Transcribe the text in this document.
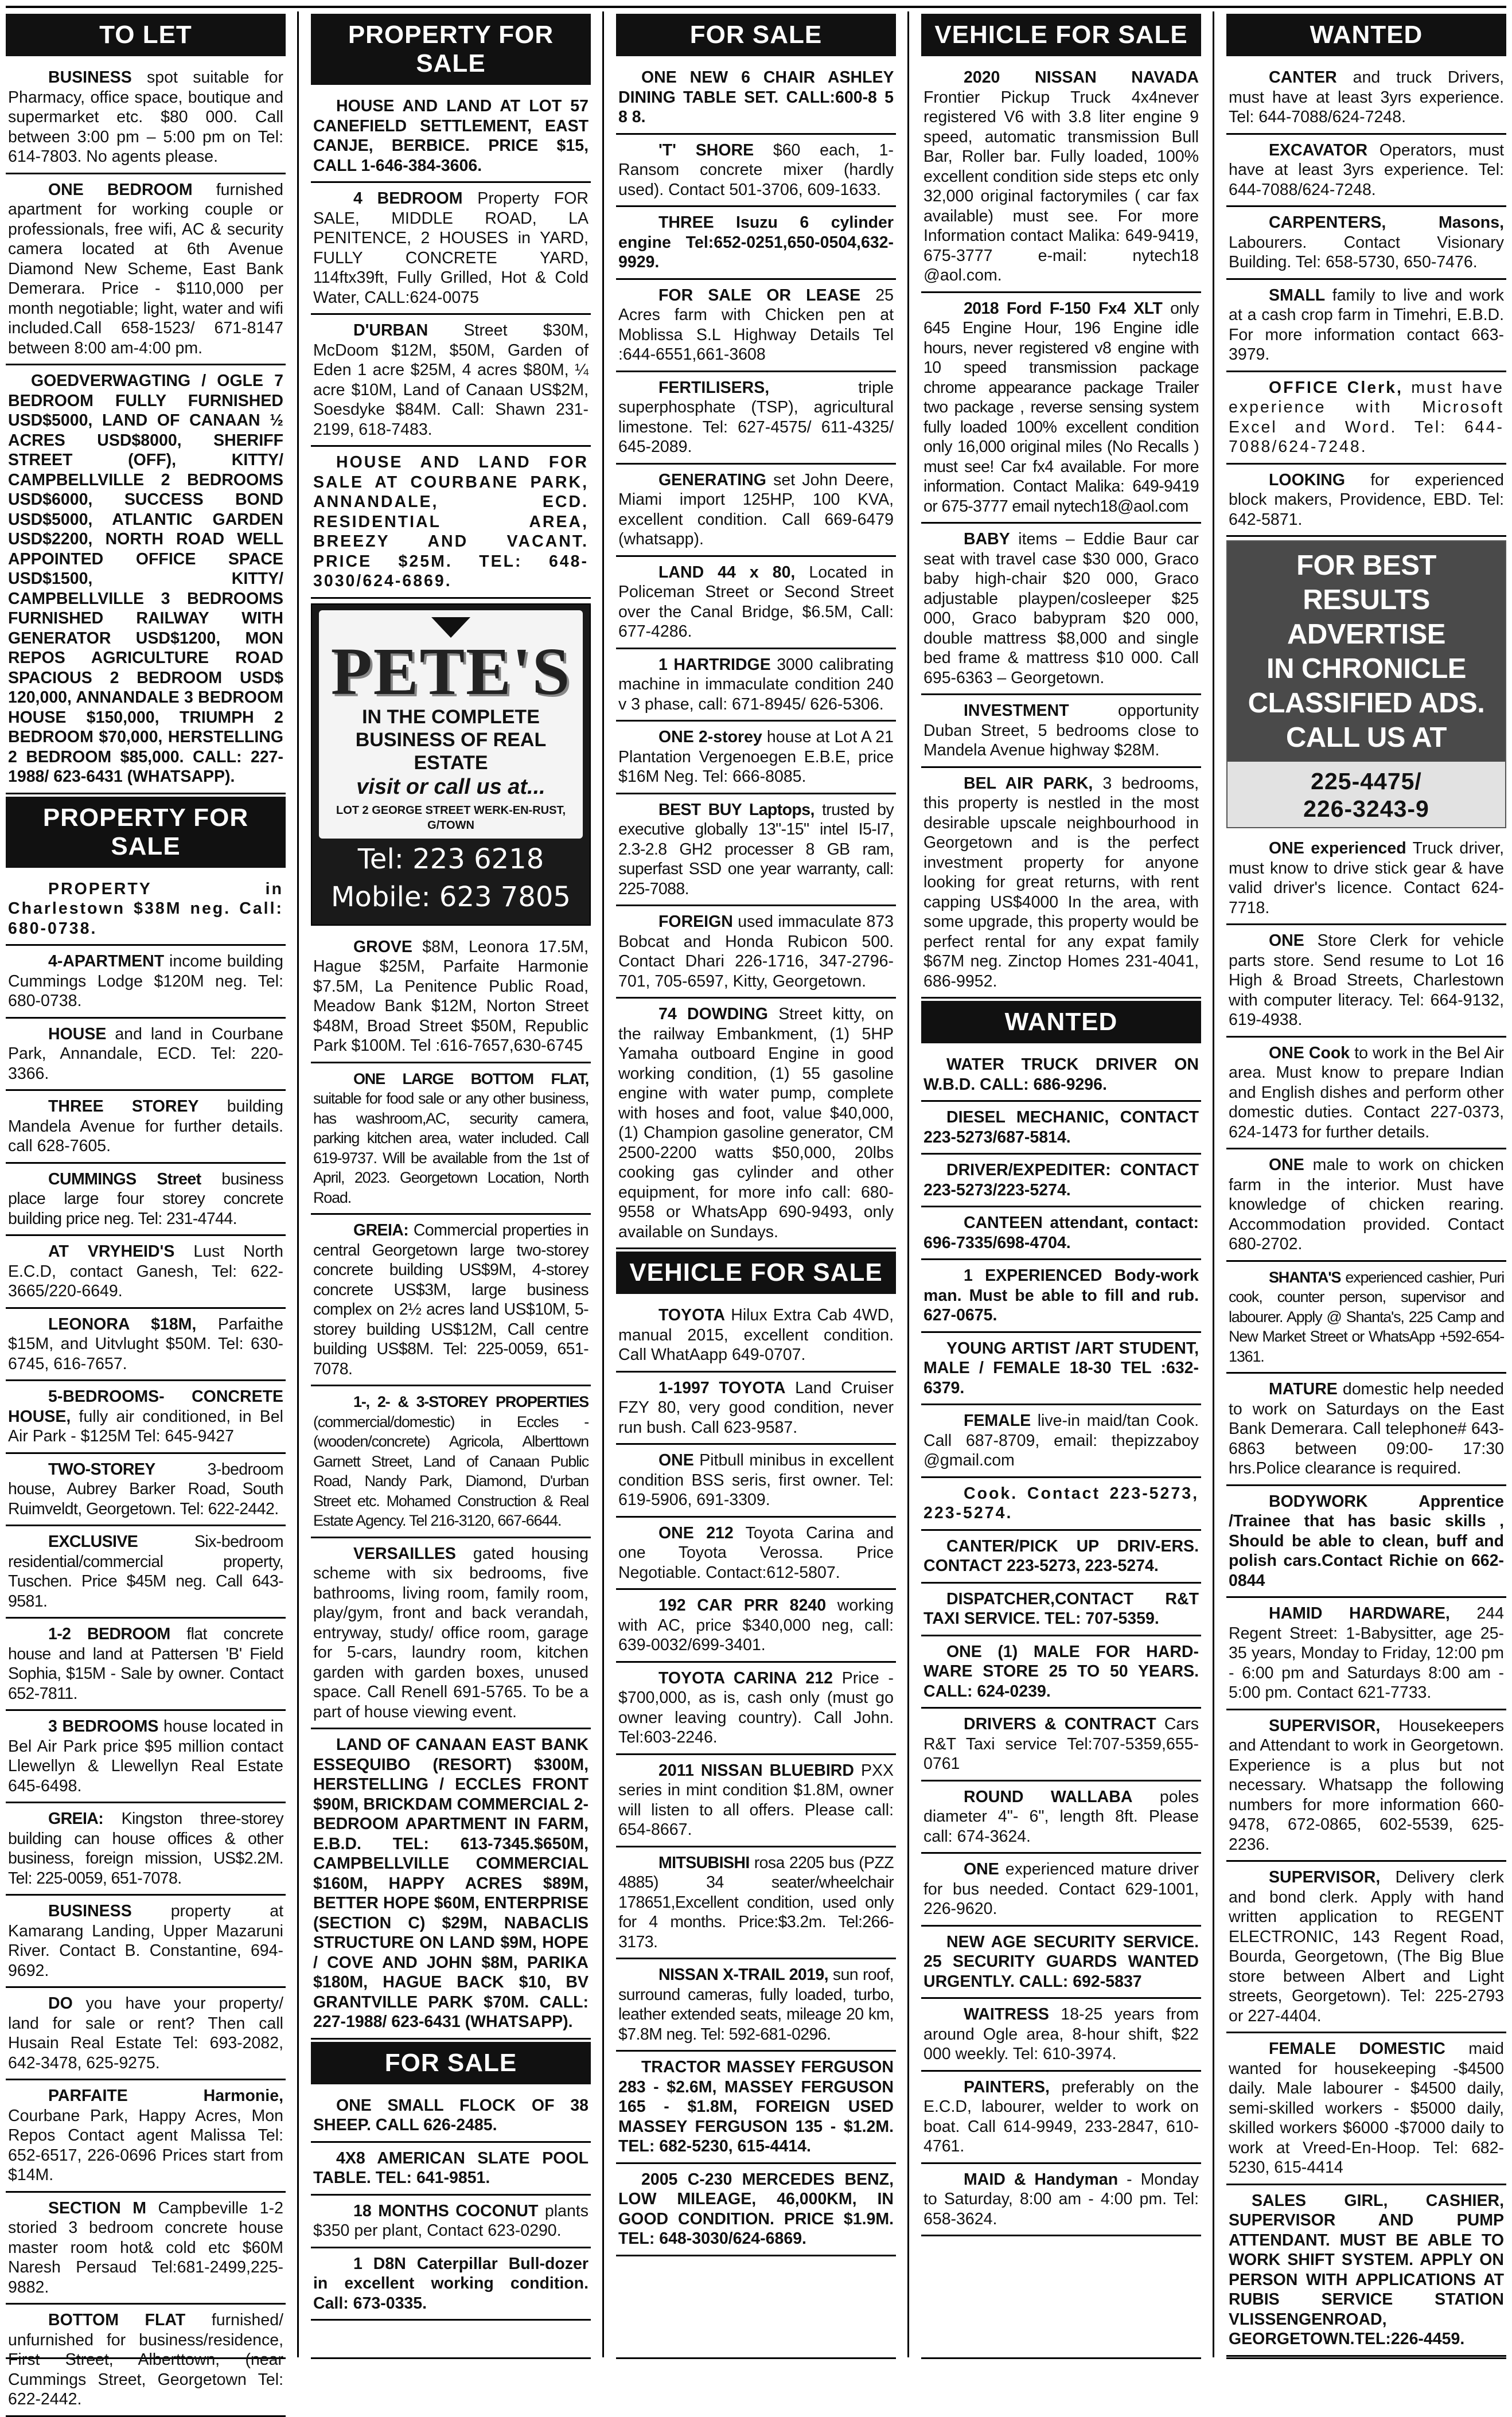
TO LET
BUSINESS spot suitable for Pharmacy, office space, boutique and supermarket etc. $80 000. Call between 3:00 pm – 5:00 pm on Tel: 614-7803. No agents please.
ONE BEDROOM furnished apartment for working couple or professionals, free wifi, AC & security camera located at 6th Avenue Diamond New Scheme, East Bank Demerara. Price - $110,000 per month negotiable; light, water and wifi included.Call 658-1523/ 671-8147 between 8:00 am-4:00 pm.
GOEDVERWAGTING / OGLE 7 BEDROOM FULLY FURNISHED USD$5000, LAND OF CANAAN ½ ACRES USD$8000, SHERIFF STREET (OFF), KITTY/ CAMPBELLVILLE 2 BEDROOMS USD$6000, SUCCESS BOND USD$5000, ATLANTIC GARDEN USD$2200, NORTH ROAD WELL APPOINTED OFFICE SPACE USD$1500, KITTY/ CAMPBELLVILLE 3 BEDROOMS FURNISHED RAILWAY WITH GENERATOR USD$1200, MON REPOS AGRICULTURE ROAD SPACIOUS 2 BEDROOM USD$ 120,000, ANNANDALE 3 BEDROOM HOUSE $150,000, TRIUMPH 2 BEDROOM $70,000, HERSTELLING 2 BEDROOM $85,000. CALL: 227-1988/ 623-6431 (WHATSAPP).
PROPERTY FOR SALE
PROPERTY in Charlestown $38M neg. Call: 680-0738.
4-APARTMENT income building Cummings Lodge $120M neg. Tel: 680-0738.
HOUSE and land in Courbane Park, Annandale, ECD. Tel: 220-3366.
THREE STOREY building Mandela Avenue for further details. call 628-7605.
CUMMINGS Street business place large four storey concrete building price neg. Tel: 231-4744.
AT VRYHEID'S Lust North E.C.D, contact Ganesh, Tel: 622-3665/220-6649.
LEONORA $18M, Parfaithe $15M, and Uitvlught $50M. Tel: 630-6745, 616-7657.
5-BEDROOMS- CONCRETE HOUSE, fully air conditioned, in Bel Air Park - $125M Tel: 645-9427
TWO-STOREY 3-bedroom house, Aubrey Barker Road, South Ruimveldt, Georgetown. Tel: 622-2442.
EXCLUSIVE Six-bedroom residential/commercial property, Tuschen. Price $45M neg. Call 643-9581.
1-2 BEDROOM flat concrete house and land at Pattersen 'B' Field Sophia, $15M - Sale by owner. Contact 652-7811.
3 BEDROOMS house located in Bel Air Park price $95 million contact Llewellyn & Llewellyn Real Estate 645-6498.
GREIA: Kingston three-storey building can house offices & other business, foreign mission, US$2.2M. Tel: 225-0059, 651-7078.
BUSINESS property at Kamarang Landing, Upper Mazaruni River. Contact B. Constantine, 694-9692.
DO you have your property/ land for sale or rent? Then call Husain Real Estate Tel: 693-2082, 642-3478, 625-9275.
PARFAITE Harmonie, Courbane Park, Happy Acres, Mon Repos Contact agent Malissa Tel: 652-6517, 226-0696 Prices start from $14M.
SECTION M Campbeville 1-2 storied 3 bedroom concrete house master room hot& cold etc $60M Naresh Persaud Tel:681-2499,225-9882.
BOTTOM FLAT furnished/ unfurnished for business/residence, First Street, Alberttown, (near Cummings Street, Georgetown Tel: 622-2442.
PROPERTY FOR SALE
HOUSE AND LAND AT LOT 57 CANEFIELD SETTLEMENT, EAST CANJE, BERBICE. PRICE $15, CALL 1-646-384-3606.
4 BEDROOM Property FOR SALE, MIDDLE ROAD, LA PENITENCE, 2 HOUSES in YARD, FULLY CONCRETE YARD, 114ftx39ft, Fully Grilled, Hot & Cold Water, CALL:624-0075
D'URBAN Street $30M, McDoom $12M, $50M, Garden of Eden 1 acre $25M, 4 acres $80M, ¼ acre $10M, Land of Canaan US$2M, Soesdyke $84M. Call: Shawn 231-2199, 618-7483.
HOUSE AND LAND FOR SALE AT COURBANE PARK, ANNANDALE, ECD. RESIDENTIAL AREA, BREEZY AND VACANT. PRICE $25M. TEL: 648-3030/624-6869.
PETE'S
IN THE COMPLETE
BUSINESS OF REAL ESTATE
visit or call us at...
LOT 2 GEORGE STREET WERK-EN-RUST, G/TOWN
Tel: 223 6218
Mobile: 623 7805
GROVE $8M, Leonora 17.5M, Hague $25M, Parfaite Harmonie $7.5M, La Penitence Public Road, Meadow Bank $12M, Norton Street $48M, Broad Street $50M, Republic Park $100M. Tel :616-7657,630-6745
ONE LARGE BOTTOM FLAT, suitable for food sale or any other business, has washroom,AC, security camera, parking kitchen area, water included. Call 619-9737. Will be available from the 1st of April, 2023. Georgetown Location, North Road.
GREIA: Commercial properties in central Georgetown large two-storey concrete building US$9M, 4-storey concrete US$3M, large business complex on 2½ acres land US$10M, 5-storey building US$12M, Call centre building US$8M. Tel: 225-0059, 651-7078.
1-, 2- & 3-STOREY PROPERTIES (commercial/domestic) in Eccles - (wooden/concrete) Agricola, Alberttown Garnett Street, Land of Canaan Public Road, Nandy Park, Diamond, D'urban Street etc. Mohamed Construction & Real Estate Agency. Tel 216-3120, 667-6644.
VERSAILLES gated housing scheme with six bedrooms, five bathrooms, living room, family room, play/gym, front and back verandah, entryway, study/ office room, garage for 5-cars, laundry room, kitchen garden with garden boxes, unused space. Call Renell 691-5765. To be a part of house viewing event.
LAND OF CANAAN EAST BANK ESSEQUIBO (RESORT) $300M, HERSTELLING / ECCLES FRONT $90M, BRICKDAM COMMERCIAL 2-BEDROOM APARTMENT IN FARM, E.B.D. TEL: 613-7345.$650M, CAMPBELLVILLE COMMERCIAL $160M, HAPPY ACRES $89M, BETTER HOPE $60M, ENTERPRISE (SECTION C) $29M, NABACLIS STRUCTURE ON LAND $9M, HOPE / COVE AND JOHN $8M, PARIKA $180M, HAGUE BACK $10, BV GRANTVILLE PARK $70M. CALL: 227-1988/ 623-6431 (WHATSAPP).
FOR SALE
ONE SMALL FLOCK OF 38 SHEEP. CALL 626-2485.
4X8 AMERICAN SLATE POOL TABLE. TEL: 641-9851.
18 MONTHS COCONUT plants $350 per plant, Contact 623-0290.
1 D8N Caterpillar Bull-dozer in excellent working condition. Call: 673-0335.
FOR SALE
ONE NEW 6 CHAIR ASHLEY DINING TABLE SET. CALL:600-8 5 8 8.
'T' SHORE $60 each, 1-Ransom concrete mixer (hardly used). Contact 501-3706, 609-1633.
THREE Isuzu 6 cylinder engine Tel:652-0251,650-0504,632-9929.
FOR SALE OR LEASE 25 Acres farm with Chicken pen at Moblissa S.L Highway Details Tel :644-6551,661-3608
FERTILISERS, triple superphosphate (TSP), agricultural limestone. Tel: 627-4575/ 611-4325/ 645-2089.
GENERATING set John Deere, Miami import 125HP, 100 KVA, excellent condition. Call 669-6479 (whatsapp).
LAND 44 x 80, Located in Policeman Street or Second Street over the Canal Bridge, $6.5M, Call: 677-4286.
1 HARTRIDGE 3000 calibrating machine in immaculate condition 240 v 3 phase, call: 671-8945/ 626-5306.
ONE 2-storey house at Lot A 21 Plantation Vergenoegen E.B.E, price $16M Neg. Tel: 666-8085.
BEST BUY Laptops, trusted by executive globally 13"-15" intel I5-I7, 2.3-2.8 GH2 processer 8 GB ram, superfast SSD one year warranty, call: 225-7088.
FOREIGN used immaculate 873 Bobcat and Honda Rubicon 500. Contact Dhari 226-1716, 347-2796-701, 705-6597, Kitty, Georgetown.
74 DOWDING Street kitty, on the railway Embankment, (1) 5HP Yamaha outboard Engine in good working condition, (1) 55 gasoline engine with water pump, complete with hoses and foot, value $40,000, (1) Champion gasoline generator, CM 2500-2200 watts $50,000, 20lbs cooking gas cylinder and other equipment, for more info call: 680-9558 or WhatsApp 690-9493, only available on Sundays.
VEHICLE FOR SALE
TOYOTA Hilux Extra Cab 4WD, manual 2015, excellent condition. Call WhatAapp 649-0707.
1-1997 TOYOTA Land Cruiser FZY 80, very good condition, never run bush. Call 623-9587.
ONE Pitbull minibus in excellent condition BSS seris, first owner. Tel: 619-5906, 691-3309.
ONE 212 Toyota Carina and one Toyota Verossa. Price Negotiable. Contact:612-5807.
192 CAR PRR 8240 working with AC, price $340,000 neg, call: 639-0032/699-3401.
TOYOTA CARINA 212 Price - $700,000, as is, cash only (must go owner leaving country). Call John. Tel:603-2246.
2011 NISSAN BLUEBIRD PXX series in mint condition $1.8M, owner will listen to all offers. Please call: 654-8667.
MITSUBISHI rosa 2205 bus (PZZ 4885) 34 seater/wheelchair 178651,Excellent condition, used only for 4 months. Price:$3.2m. Tel:266-3173.
NISSAN X-TRAIL 2019, sun roof, surround cameras, fully loaded, turbo, leather extended seats, mileage 20 km, $7.8M neg. Tel: 592-681-0296.
TRACTOR MASSEY FERGUSON 283 - $2.6M, MASSEY FERGUSON 165 - $1.8M, FOREIGN USED MASSEY FERGUSON 135 - $1.2M. TEL: 682-5230, 615-4414.
2005 C-230 MERCEDES BENZ, LOW MILEAGE, 46,000KM, IN GOOD CONDITION. PRICE $1.9M. TEL: 648-3030/624-6869.
VEHICLE FOR SALE
2020 NISSAN NAVADA Frontier Pickup Truck 4x4never registered V6 with 3.8 liter engine 9 speed, automatic transmission Bull Bar, Roller bar. Fully loaded, 100% excellent condition side steps etc only 32,000 original factorymiles ( car fax available) must see. For more Information contact Malika: 649-9419, 675-3777 e-mail: nytech18 @aol.com.
2018 Ford F-150 Fx4 XLT only 645 Engine Hour, 196 Engine idle hours, never registered v8 engine with 10 speed transmission package chrome appearance package Trailer two package , reverse sensing system fully loaded 100% excellent condition only 16,000 original miles (No Recalls ) must see! Car fx4 available. For more information. Contact Malika: 649-9419 or 675-3777 email nytech18@aol.com
BABY items – Eddie Baur car seat with travel case $30 000, Graco baby high-chair $20 000, Graco adjustable playpen/cosleeper $25 000, Graco babypram $20 000, double mattress $8,000 and single bed frame & mattress $10 000. Call 695-6363 – Georgetown.
INVESTMENT opportunity Duban Street, 5 bedrooms close to Mandela Avenue highway $28M.
BEL AIR PARK, 3 bedrooms, this property is nestled in the most desirable upscale neighbourhood in Georgetown and is the perfect investment property for anyone looking for great returns, with rent capping US$4000 In the area, with some upgrade, this property would be perfect rental for any expat family $67M neg. Zinctop Homes 231-4041, 686-9952.
WANTED
WATER TRUCK DRIVER ON W.B.D. CALL: 686-9296.
DIESEL MECHANIC, CONTACT 223-5273/687-5814.
DRIVER/EXPEDITER: CONTACT 223-5273/223-5274.
CANTEEN attendant, contact: 696-7335/698-4704.
1 EXPERIENCED Body-work man. Must be able to fill and rub. 627-0675.
YOUNG ARTIST /ART STUDENT, MALE / FEMALE 18-30 TEL :632-6379.
FEMALE live-in maid/tan Cook. Call 687-8709, email: thepizzaboy @gmail.com
Cook. Contact 223-5273, 223-5274.
CANTER/PICK UP DRIV-ERS. CONTACT 223-5273, 223-5274.
DISPATCHER,CONTACT R&T TAXI SERVICE. TEL: 707-5359.
ONE (1) MALE FOR HARD-WARE STORE 25 TO 50 YEARS. CALL: 624-0239.
DRIVERS & CONTRACT Cars R&T Taxi service Tel:707-5359,655-0761
ROUND WALLABA poles diameter 4"- 6", length 8ft. Please call: 674-3624.
ONE experienced mature driver for bus needed. Contact 629-1001, 226-9620.
NEW AGE SECURITY SERVICE. 25 SECURITY GUARDS WANTED URGENTLY. CALL: 692-5837
WAITRESS 18-25 years from around Ogle area, 8-hour shift, $22 000 weekly. Tel: 610-3974.
PAINTERS, preferably on the E.C.D, labourer, welder to work on boat. Call 614-9949, 233-2847, 610-4761.
MAID & Handyman - Monday to Saturday, 8:00 am - 4:00 pm. Tel: 658-3624.
WANTED
CANTER and truck Drivers, must have at least 3yrs experience. Tel: 644-7088/624-7248.
EXCAVATOR Operators, must have at least 3yrs experience. Tel: 644-7088/624-7248.
CARPENTERS, Masons, Labourers. Contact Visionary Building. Tel: 658-5730, 650-7476.
SMALL family to live and work at a cash crop farm in Timehri, E.B.D. For more information contact 663-3979.
OFFICE Clerk, must have experience with Microsoft Excel and Word. Tel: 644-7088/624-7248.
LOOKING for experienced block makers, Providence, EBD. Tel: 642-5871.
FOR BEST RESULTS
ADVERTISE
IN CHRONICLE
CLASSIFIED ADS.
CALL US AT
225-4475/
226-3243-9
ONE experienced Truck driver, must know to drive stick gear & have valid driver's licence. Contact 624-7718.
ONE Store Clerk for vehicle parts store. Send resume to Lot 16 High & Broad Streets, Charlestown with computer literacy. Tel: 664-9132, 619-4938.
ONE Cook to work in the Bel Air area. Must know to prepare Indian and English dishes and perform other domestic duties. Contact 227-0373, 624-1473 for further details.
ONE male to work on chicken farm in the interior. Must have knowledge of chicken rearing. Accommodation provided. Contact 680-2702.
SHANTA'S experienced cashier, Puri cook, counter person, supervisor and labourer. Apply @ Shanta's, 225 Camp and New Market Street or WhatsApp +592-654-1361.
MATURE domestic help needed to work on Saturdays on the East Bank Demerara. Call telephone# 643-6863 between 09:00- 17:30 hrs.Police clearance is required.
BODYWORK Apprentice /Trainee that has basic skills , Should be able to clean, buff and polish cars.Contact Richie on 662-0844
HAMID HARDWARE, 244 Regent Street: 1-Babysitter, age 25-35 years, Monday to Friday, 12:00 pm - 6:00 pm and Saturdays 8:00 am - 5:00 pm. Contact 621-7733.
SUPERVISOR, Housekeepers and Attendant to work in Georgetown. Experience is a plus but not necessary. Whatsapp the following numbers for more information 660-9478, 672-0865, 602-5539, 625-2236.
SUPERVISOR, Delivery clerk and bond clerk. Apply with hand written application to REGENT ELECTRONIC, 143 Regent Road, Bourda, Georgetown, (The Big Blue store between Albert and Light streets, Georgetown). Tel: 225-2793 or 227-4404.
FEMALE DOMESTIC maid wanted for housekeeping -$4500 daily. Male labourer - $4500 daily, semi-skilled workers - $5000 daily, skilled workers $6000 -$7000 daily to work at Vreed-En-Hoop. Tel: 682-5230, 615-4414
SALES GIRL, CASHIER, SUPERVISOR AND PUMP ATTENDANT. MUST BE ABLE TO WORK SHIFT SYSTEM. APPLY ON PERSON WITH APPLICATIONS AT RUBIS SERVICE STATION VLISSENGENROAD, GEORGETOWN.TEL:226-4459.
